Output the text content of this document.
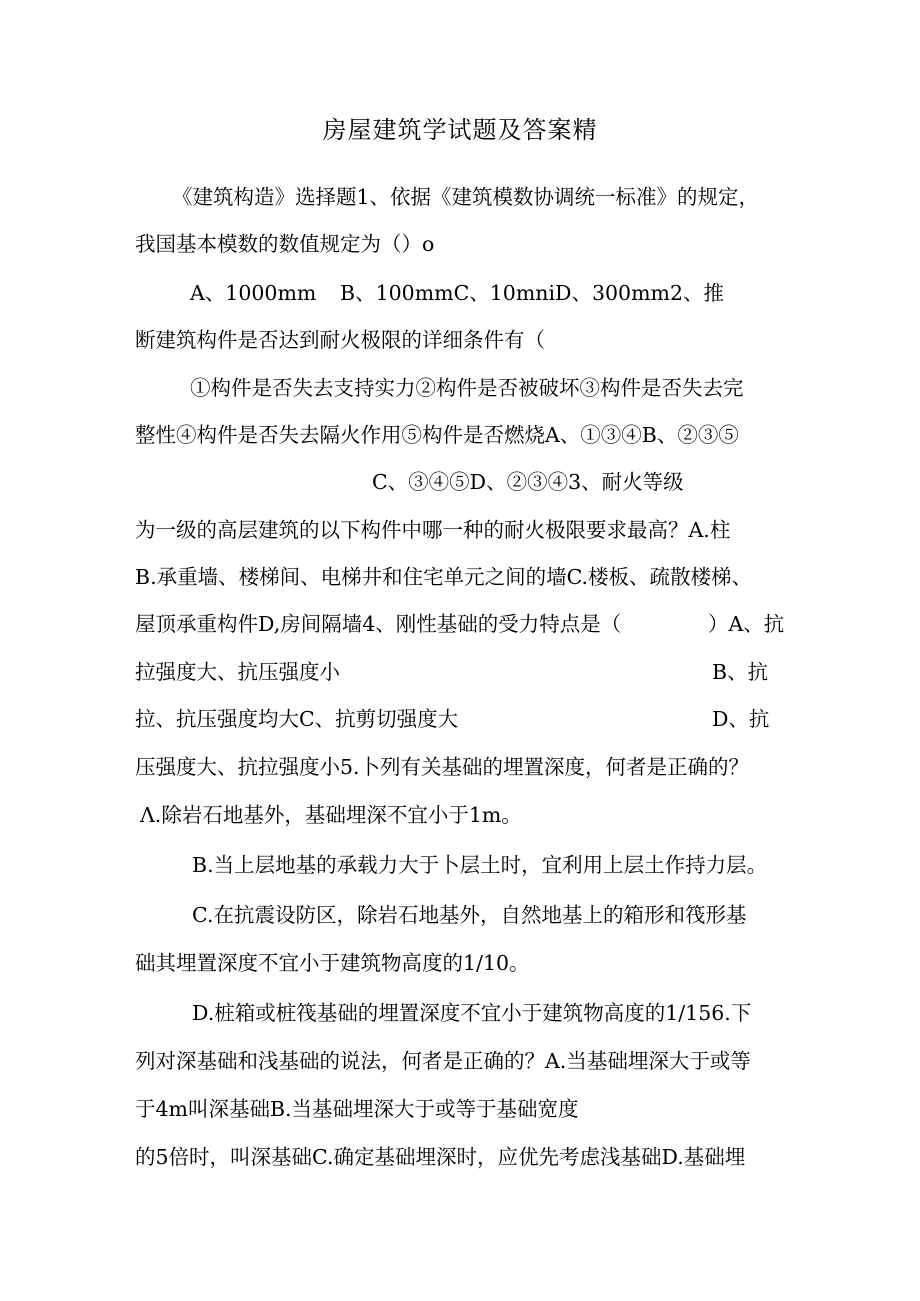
房屋建筑学试题及答案精
《建筑构造》选择题1、依据《建筑模数协调统一标准》的规定，
我国基本模数的数值规定为（）o
A、1000mm B、100mmC、10mniD、300mm2、推
断建筑构件是否达到耐火极限的详细条件有（
①构件是否失去支持实力②构件是否被破坏③构件是否失去完
整性④构件是否失去隔火作用⑤构件是否燃烧A、①③④B、②③⑤
C、③④⑤D、②③④3、耐火等级
为一级的高层建筑的以下构件中哪一种的耐火极限要求最高？A.柱
B.承重墙、楼梯间、电梯井和住宅单元之间的墙C.楼板、疏散楼梯、
屋顶承重构件D,房间隔墙4、刚性基础的受力特点是（	）A、抗
拉强度大、抗压强度小	B、抗
拉、抗压强度均大C、抗剪切强度大	D、抗
压强度大、抗拉强度小5.卜列有关基础的埋置深度，何者是正确的？
Λ.除岩石地基外，基础埋深不宜小于1m。
B.当上层地基的承载力大于卜层土时，宜利用上层土作持力层。
C.在抗震设防区，除岩石地基外，自然地基上的箱形和筏形基
础其埋置深度不宜小于建筑物高度的1/10。
D.桩箱或桩筏基础的埋置深度不宜小于建筑物高度的1/156.下
列对深基础和浅基础的说法，何者是正确的？A.当基础埋深大于或等
于4m叫深基础B.当基础埋深大于或等于基础宽度
的5倍时，叫深基础C.确定基础埋深时，应优先考虑浅基础D.基础埋
